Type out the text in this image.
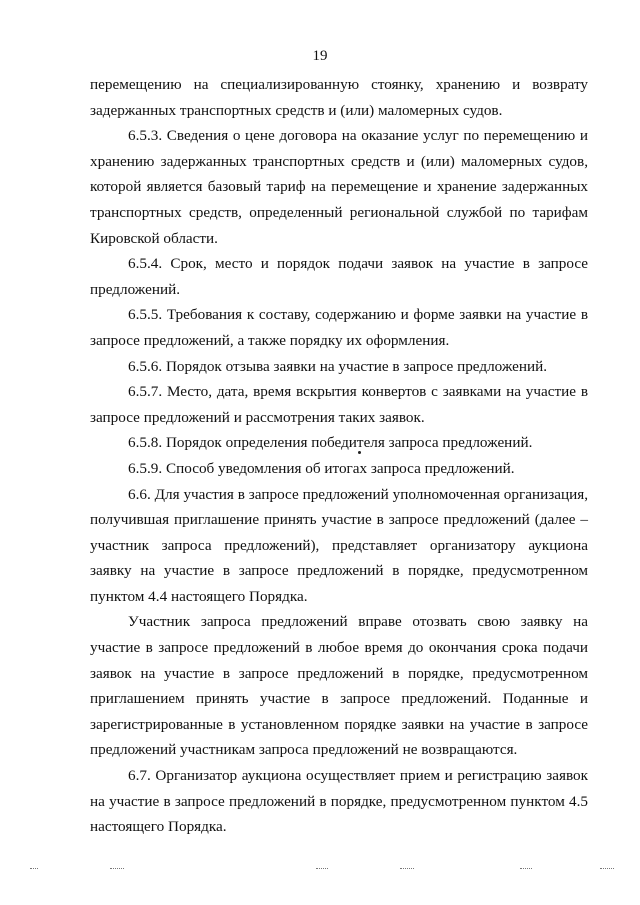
19

перемещению на специализированную стоянку, хранению и возврату задержанных транспортных средств и (или) маломерных судов.

6.5.3. Сведения о цене договора на оказание услуг по перемещению и хранению задержанных транспортных средств и (или) маломерных судов, которой является базовый тариф на перемещение и хранение задержанных транспортных средств, определенный региональной службой по тарифам Кировской области.

6.5.4. Срок, место и порядок подачи заявок на участие в запросе предложений.

6.5.5. Требования к составу, содержанию и форме заявки на участие в запросе предложений, а также порядку их оформления.

6.5.6. Порядок отзыва заявки на участие в запросе предложений.

6.5.7. Место, дата, время вскрытия конвертов с заявками на участие в запросе предложений и рассмотрения таких заявок.

6.5.8. Порядок определения победителя запроса предложений.

6.5.9. Способ уведомления об итогах запроса предложений.

6.6. Для участия в запросе предложений уполномоченная организация, получившая приглашение принять участие в запросе предложений (далее – участник запроса предложений), представляет организатору аукциона заявку на участие в запросе предложений в порядке, предусмотренном пунктом 4.4 настоящего Порядка.

Участник запроса предложений вправе отозвать свою заявку на участие в запросе предложений в любое время до окончания срока подачи заявок на участие в запросе предложений в порядке, предусмотренном приглашением принять участие в запросе предложений. Поданные и зарегистрированные в установленном порядке заявки на участие в запросе предложений участникам запроса предложений не возвращаются.

6.7. Организатор аукциона осуществляет прием и регистрацию заявок на участие в запросе предложений в порядке, предусмотренном пунктом 4.5 настоящего Порядка.
